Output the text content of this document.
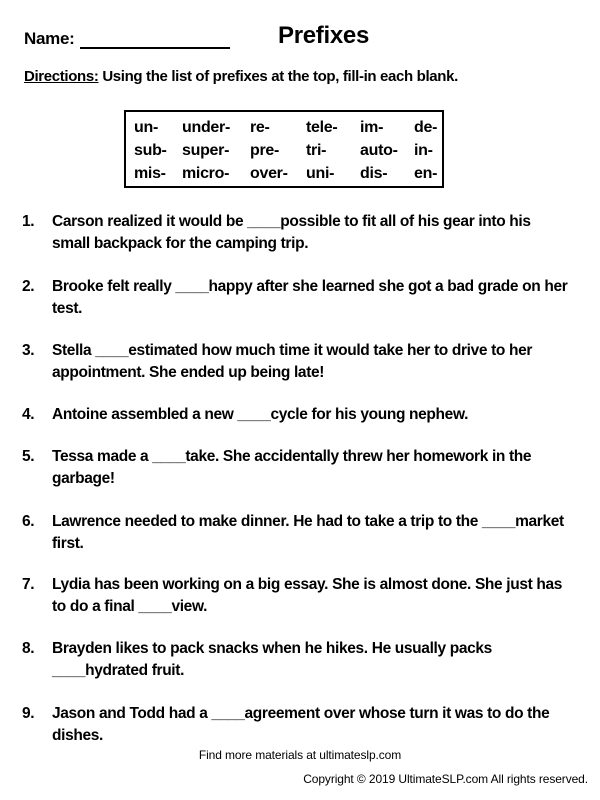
Name:	Prefixes
Directions: Using the list of prefixes at the top, fill-in each blank.
un- under- re- tele- im- de-
sub- super- pre- tri- auto- in-
mis- micro- over- uni- dis- en-
1. Carson realized it would be ____possible to fit all of his gear into his small backpack for the camping trip.
2. Brooke felt really ____happy after she learned she got a bad grade on her test.
3. Stella ____estimated how much time it would take her to drive to her appointment. She ended up being late!
4. Antoine assembled a new ____cycle for his young nephew.
5. Tessa made a ____take. She accidentally threw her homework in the garbage!
6. Lawrence needed to make dinner. He had to take a trip to the ____market first.
7. Lydia has been working on a big essay. She is almost done. She just has to do a final ____view.
8. Brayden likes to pack snacks when he hikes. He usually packs ____hydrated fruit.
9. Jason and Todd had a ____agreement over whose turn it was to do the dishes.
Find more materials at ultimateslp.com
Copyright © 2019 UltimateSLP.com All rights reserved.
